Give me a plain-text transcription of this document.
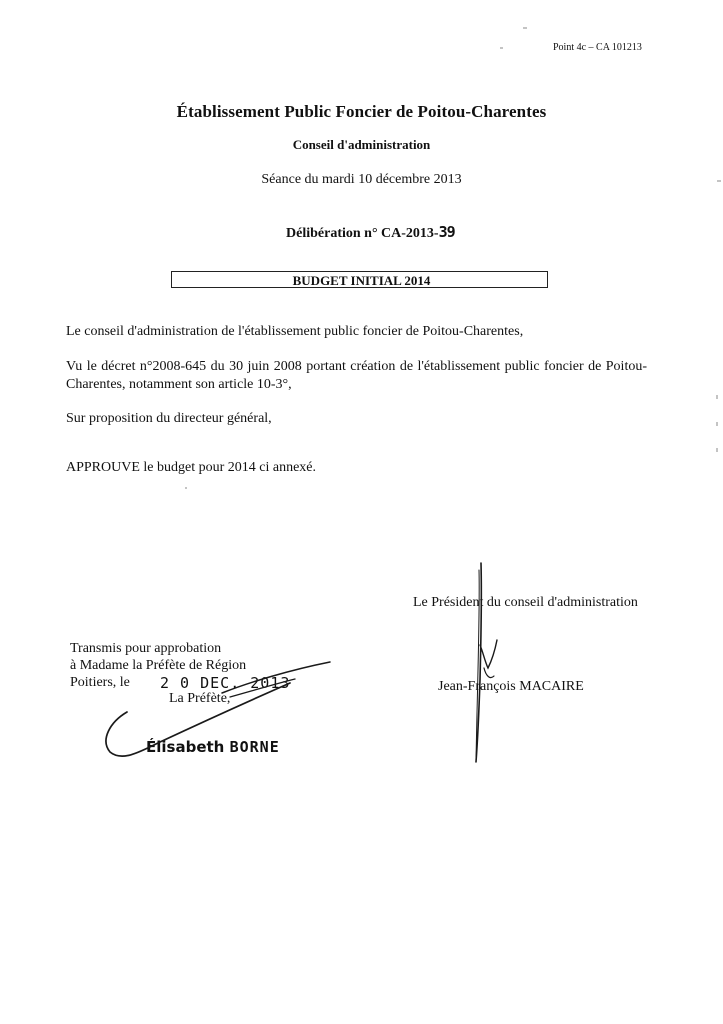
Point 4c – CA 101213
Établissement Public Foncier de Poitou-Charentes
Conseil d'administration
Séance du mardi 10 décembre 2013
Délibération n° CA-2013-39
BUDGET INITIAL 2014
Le conseil d'administration de l'établissement public foncier de Poitou-Charentes,
Vu le décret n°2008-645 du 30 juin 2008 portant création de l'établissement public foncier de Poitou-Charentes, notamment son article 10-3°,
Sur proposition du directeur général,
APPROUVE le budget pour 2014 ci annexé.
Le Président du conseil d'administration
Jean-François MACAIRE
Transmis pour approbation
à Madame la Préfète de Région
Poitiers, le	2 0 DEC. 2013
La Préfète,
Élisabeth BORNE
